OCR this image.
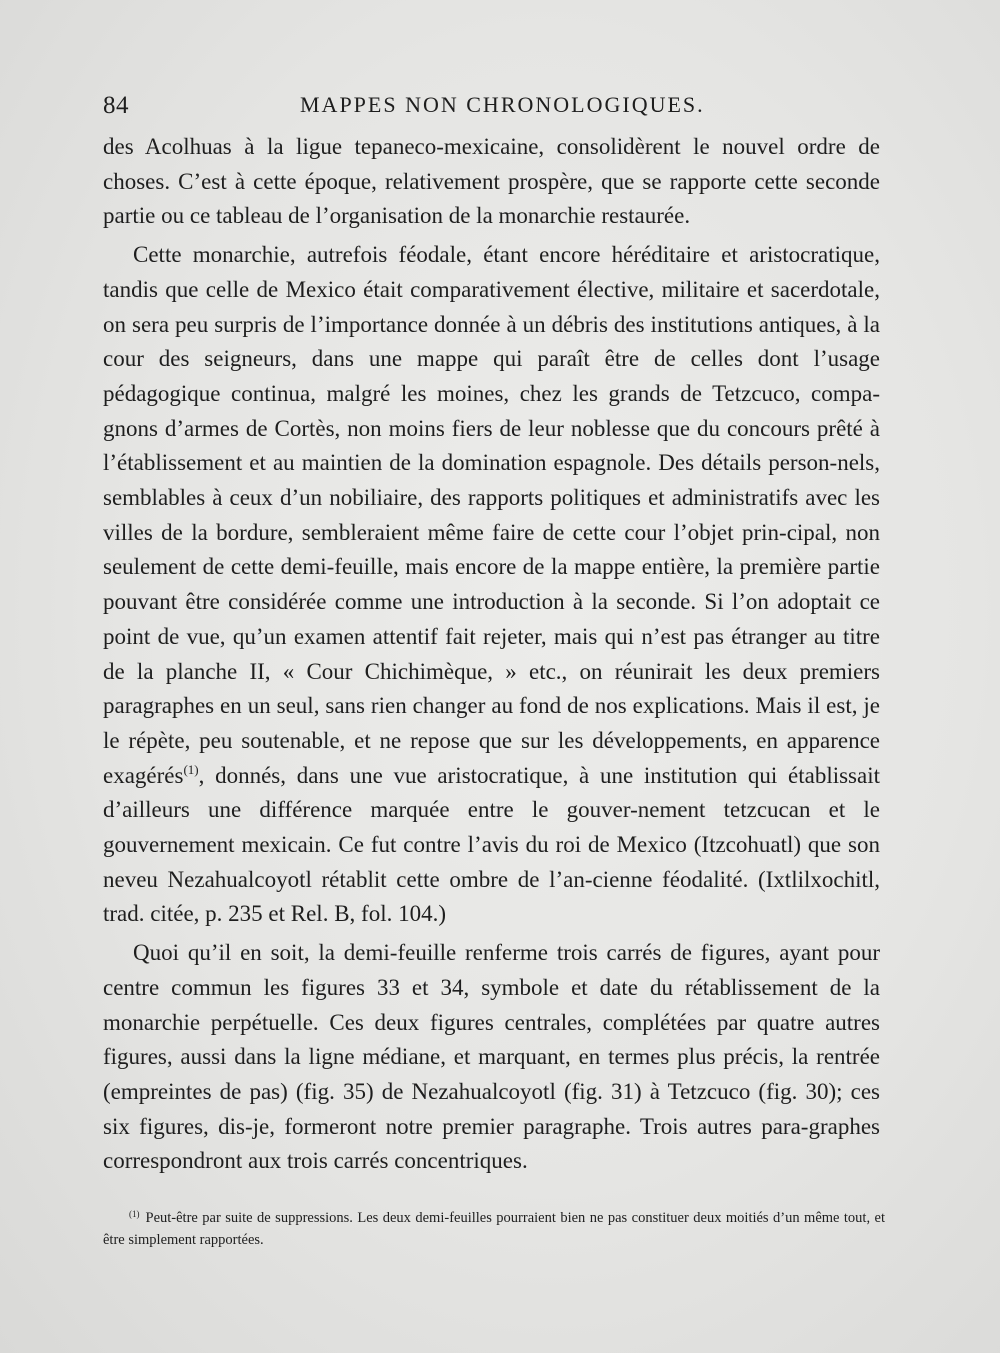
84	MAPPES NON CHRONOLOGIQUES.

des Acolhuas à la ligue tepaneco-mexicaine, consolidèrent le nouvel ordre de choses. C’est à cette époque, relativement prospère, que se rapporte cette seconde partie ou ce tableau de l’organisation de la monarchie restaurée.

Cette monarchie, autrefois féodale, étant encore héréditaire et aristocratique, tandis que celle de Mexico était comparativement élective, militaire et sacerdotale, on sera peu surpris de l’importance donnée à un débris des institutions antiques, à la cour des seigneurs, dans une mappe qui paraît être de celles dont l’usage pédagogique continua, malgré les moines, chez les grands de Tetzcuco, compa-gnons d’armes de Cortès, non moins fiers de leur noblesse que du concours prêté à l’établissement et au maintien de la domination espagnole. Des détails person-nels, semblables à ceux d’un nobiliaire, des rapports politiques et administratifs avec les villes de la bordure, sembleraient même faire de cette cour l’objet prin-cipal, non seulement de cette demi-feuille, mais encore de la mappe entière, la première partie pouvant être considérée comme une introduction à la seconde. Si l’on adoptait ce point de vue, qu’un examen attentif fait rejeter, mais qui n’est pas étranger au titre de la planche II, « Cour Chichimèque, » etc., on réunirait les deux premiers paragraphes en un seul, sans rien changer au fond de nos explications. Mais il est, je le répète, peu soutenable, et ne repose que sur les développements, en apparence exagérés$^{(1)}$, donnés, dans une vue aristocratique, à une institution qui établissait d’ailleurs une différence marquée entre le gouver-nement tetzcucan et le gouvernement mexicain. Ce fut contre l’avis du roi de Mexico (Itzcohuatl) que son neveu Nezahualcoyotl rétablit cette ombre de l’an-cienne féodalité. (Ixtlilxochitl, trad. citée, p. 235 et Rel. B, fol. 104.)

Quoi qu’il en soit, la demi-feuille renferme trois carrés de figures, ayant pour centre commun les figures 33 et 34, symbole et date du rétablissement de la monarchie perpétuelle. Ces deux figures centrales, complétées par quatre autres figures, aussi dans la ligne médiane, et marquant, en termes plus précis, la rentrée (empreintes de pas) (fig. 35) de Nezahualcoyotl (fig. 31) à Tetzcuco (fig. 30); ces six figures, dis-je, formeront notre premier paragraphe. Trois autres para-graphes correspondront aux trois carrés concentriques.

$^{(1)}$ Peut-être par suite de suppressions. Les deux demi-feuilles pourraient bien ne pas constituer deux moitiés d’un même tout, et être simplement rapportées.
